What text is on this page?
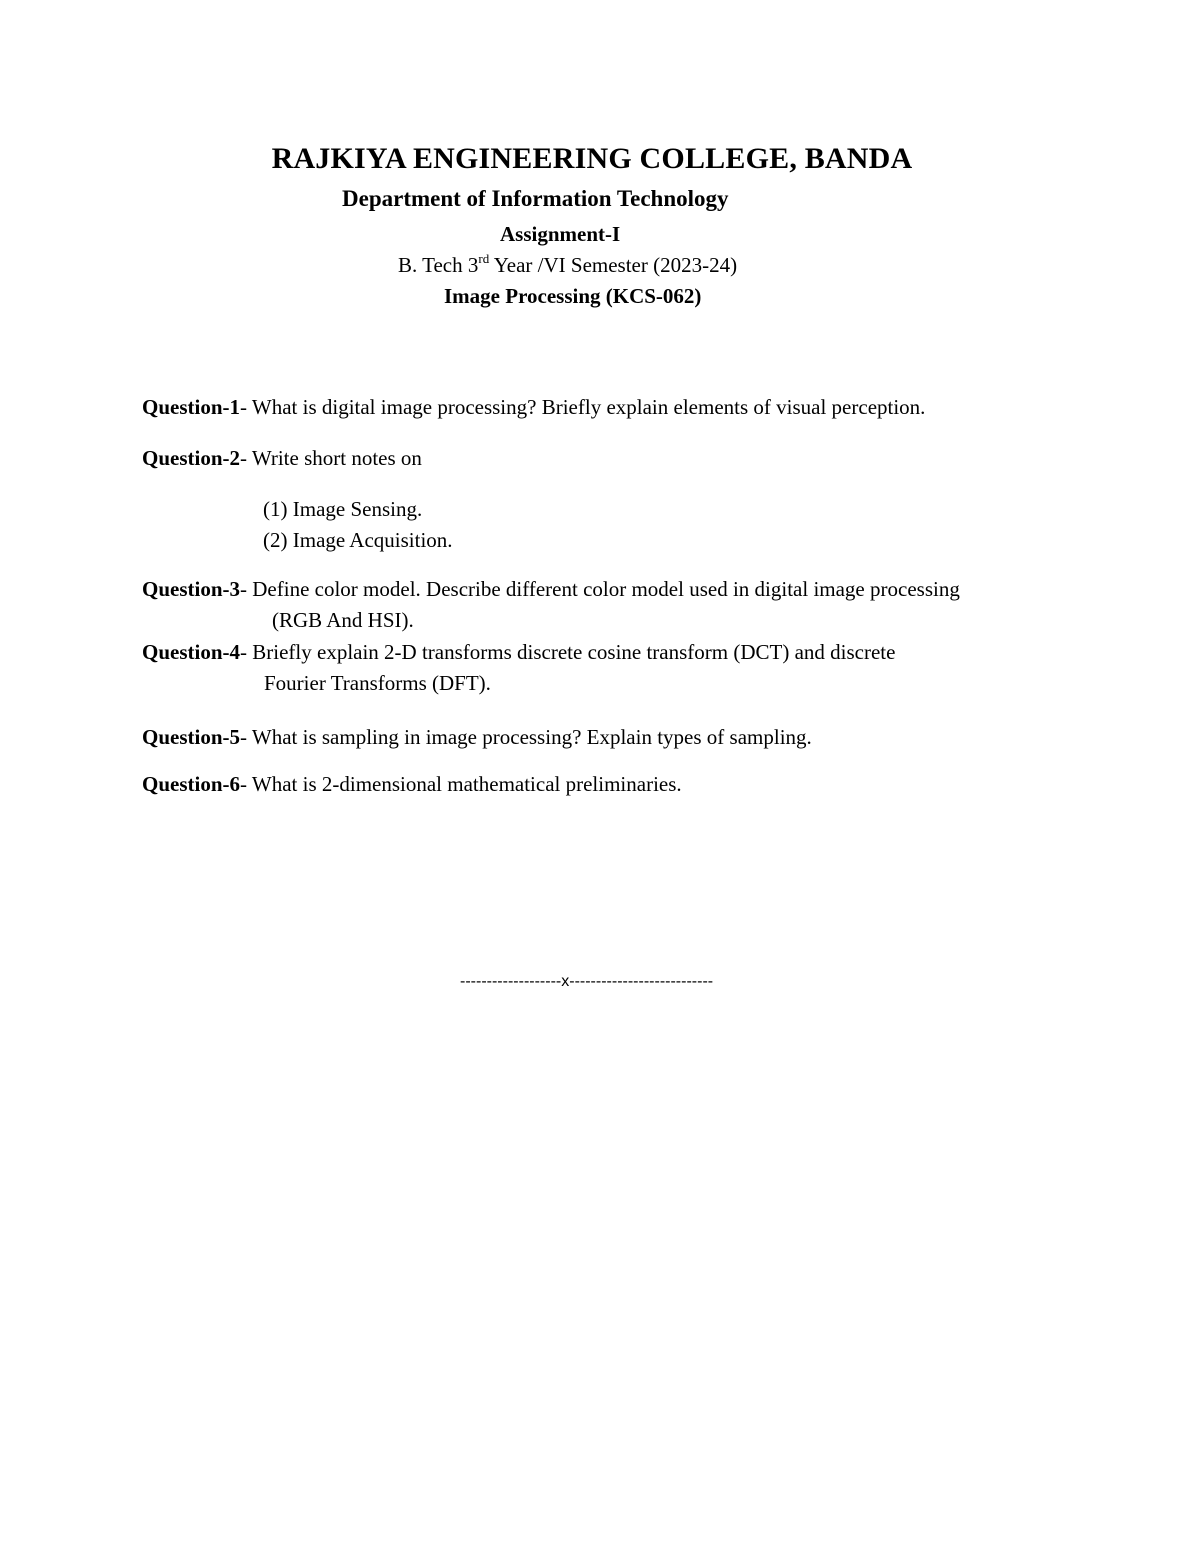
RAJKIYA ENGINEERING COLLEGE, BANDA
Department of Information Technology
Assignment-I
B. Tech 3rd Year /VI Semester (2023-24)
Image Processing (KCS-062)
Question-1- What is digital image processing? Briefly explain elements of visual perception.
Question-2- Write short notes on
(1) Image Sensing.
(2) Image Acquisition.
Question-3- Define color model. Describe different color model used in digital image processing
(RGB And HSI).
Question-4- Briefly explain 2-D transforms discrete cosine transform (DCT) and discrete
Fourier Transforms (DFT).
Question-5- What is sampling in image processing? Explain types of sampling.
Question-6- What is 2-dimensional mathematical preliminaries.
-------------------x---------------------------
